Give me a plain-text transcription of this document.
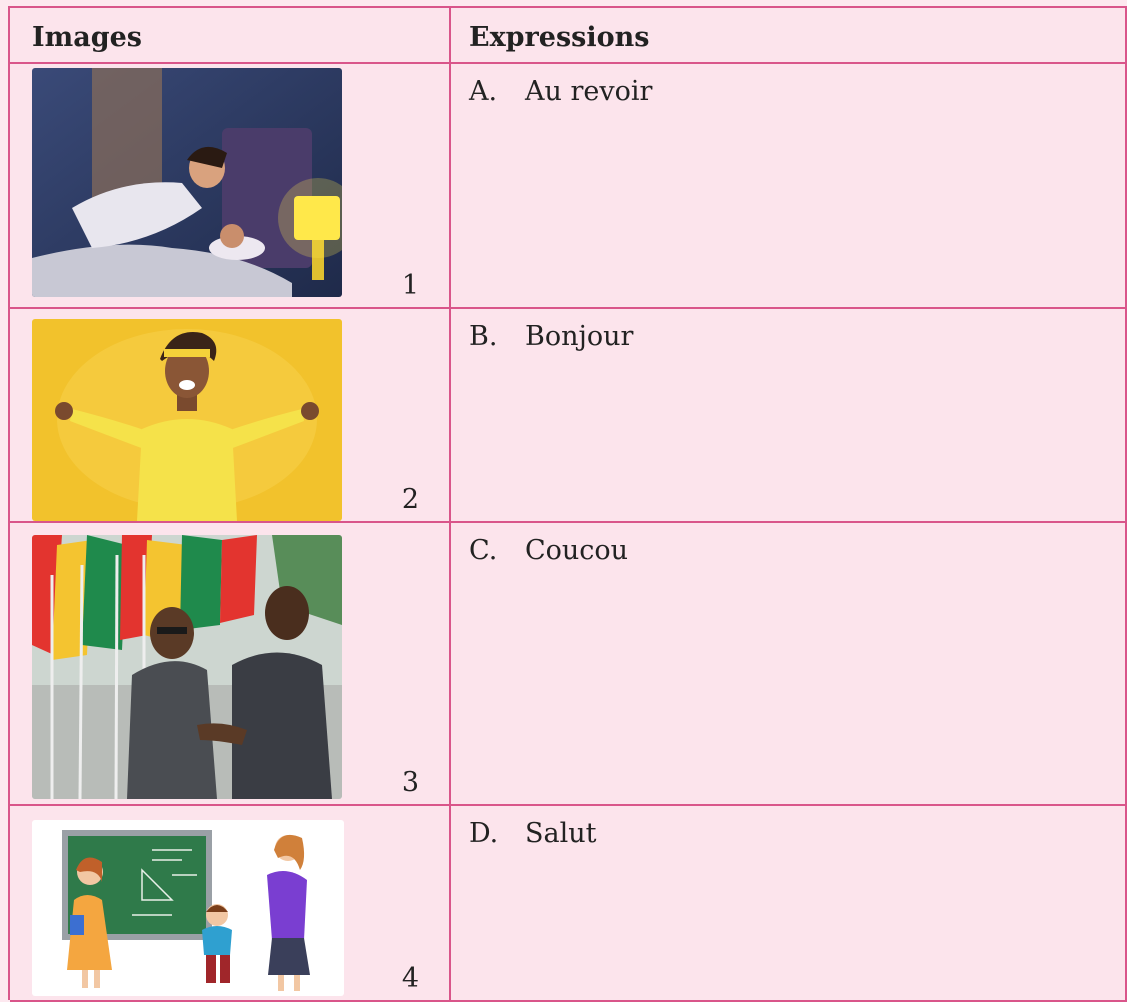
Images	Expressions
1
A. Au revoir
2
B. Bonjour
3
C. Coucou
4
D. Salut
